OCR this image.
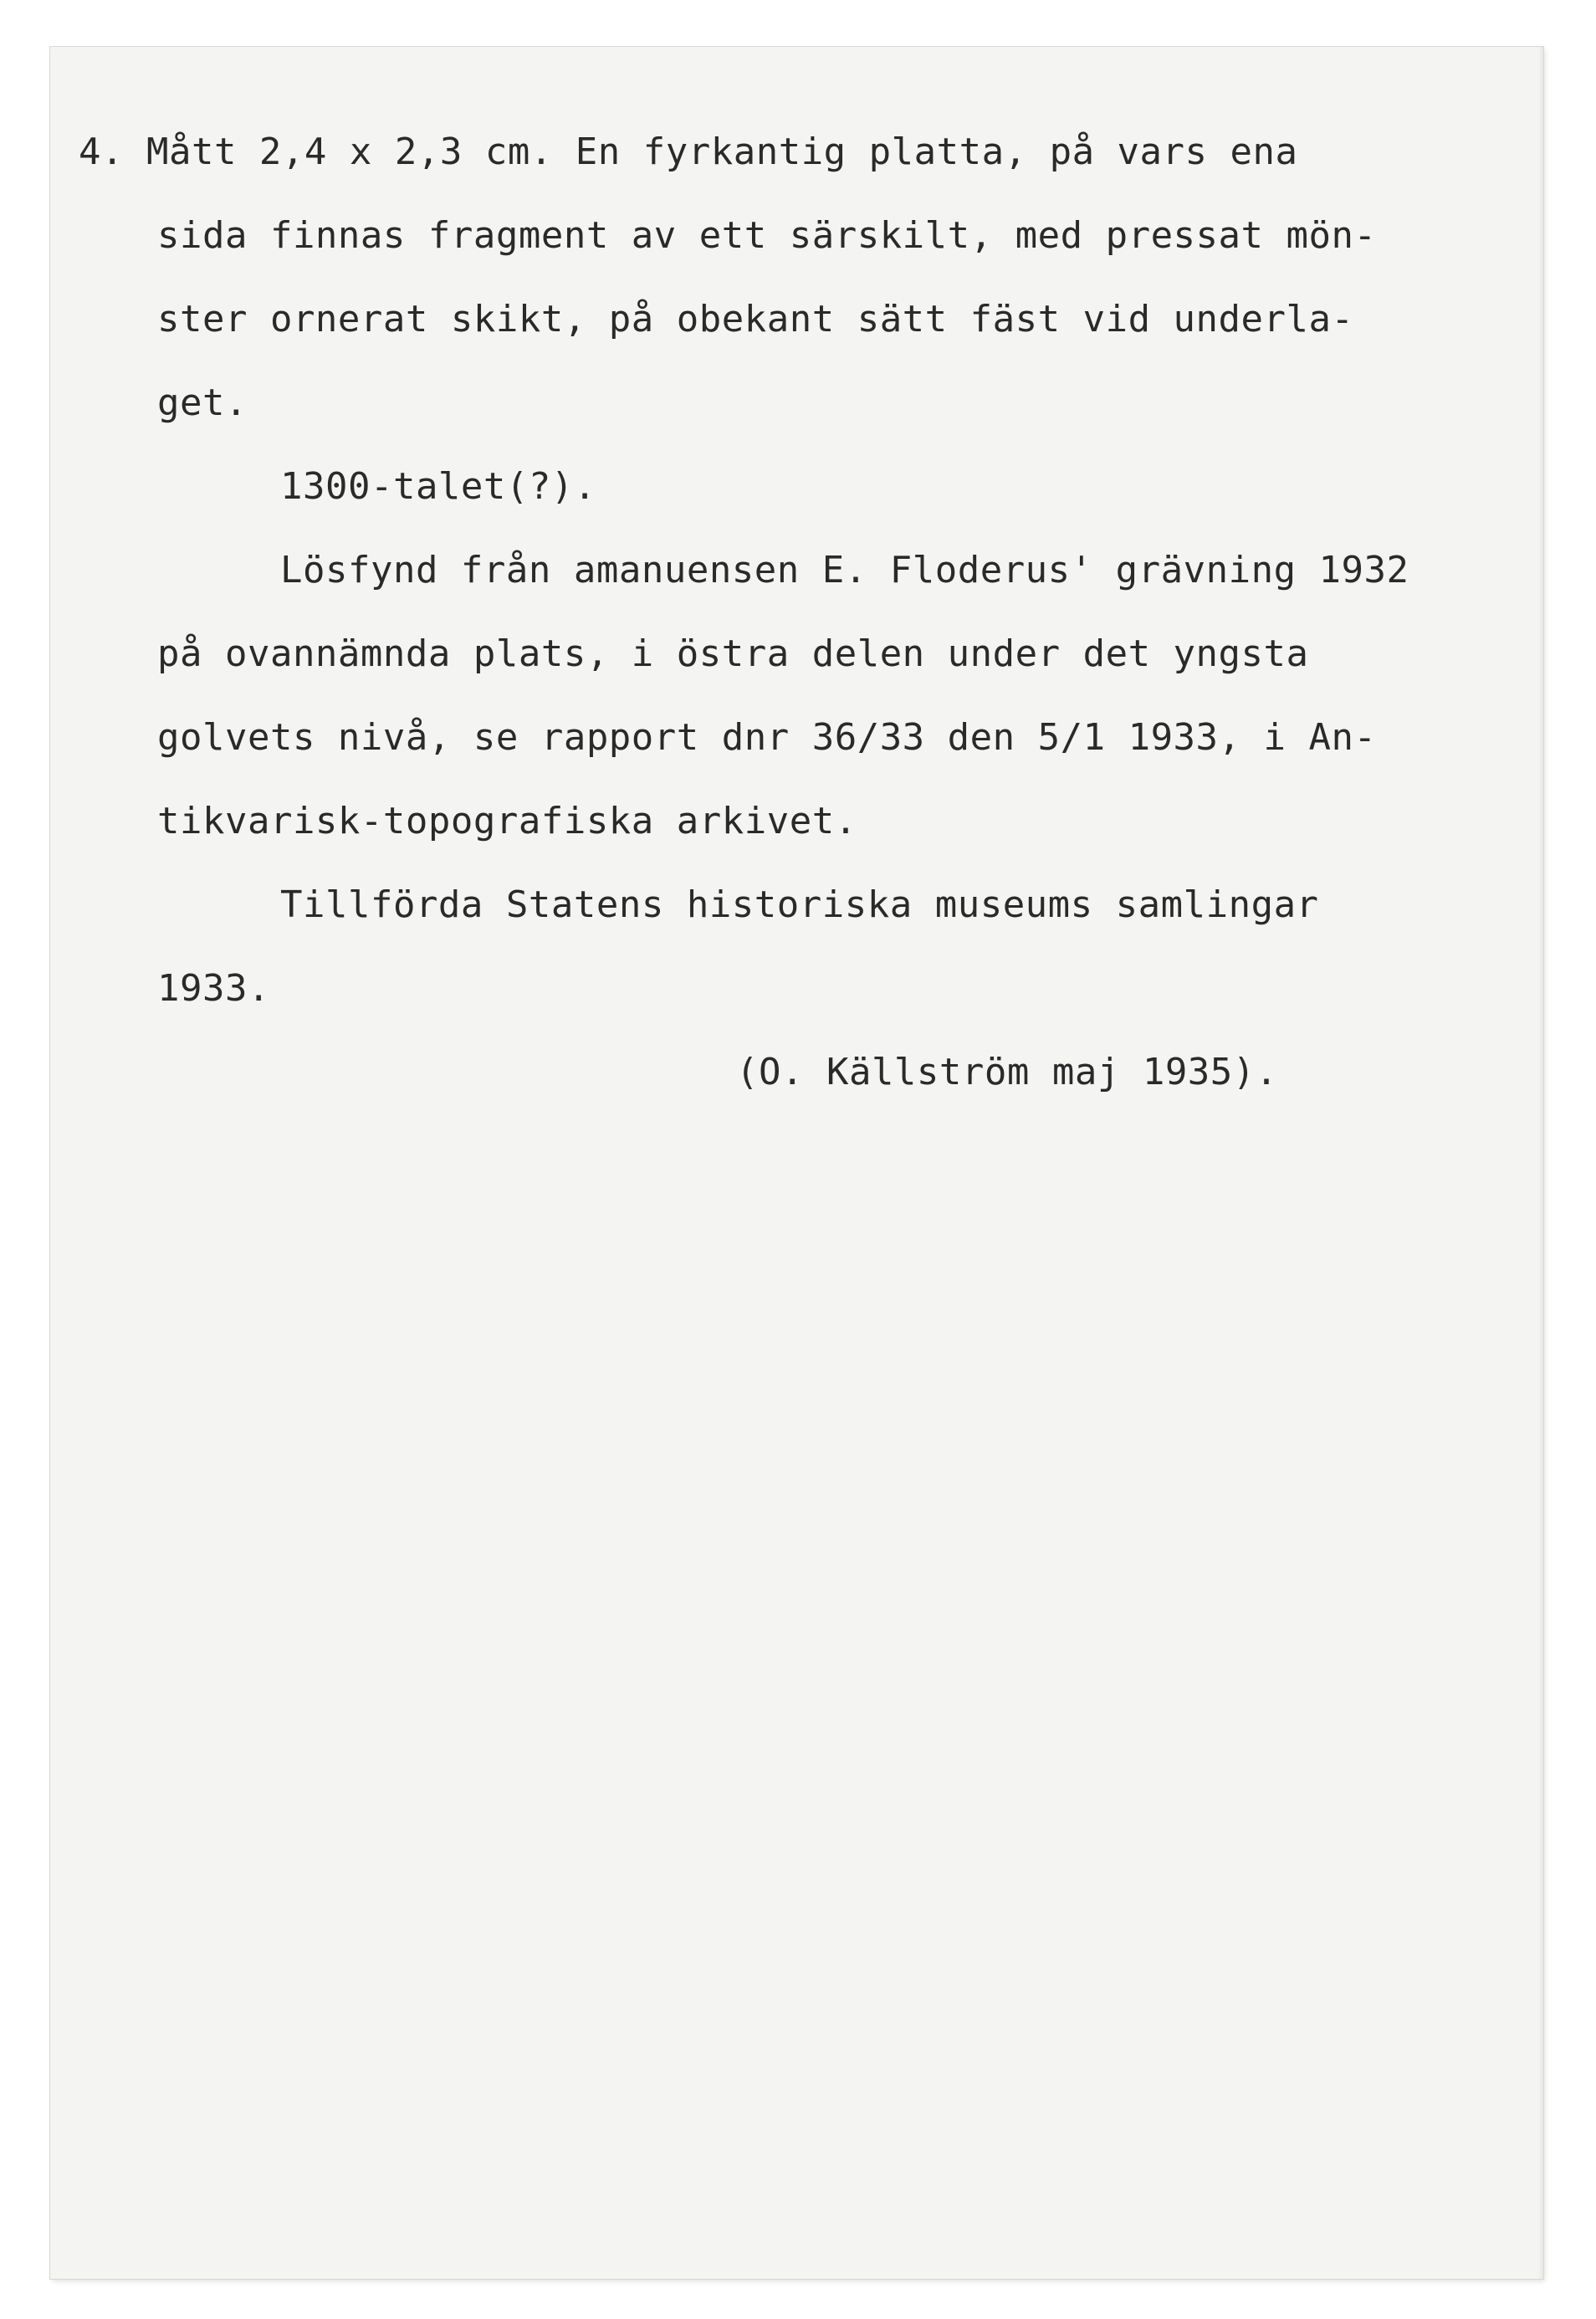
4. Mått 2,4 x 2,3 cm. En fyrkantig platta, på vars ena
sida finnas fragment av ett särskilt, med pressat mön-
ster ornerat skikt, på obekant sätt fäst vid underla-
get.
1300-talet(?).
Lösfynd från amanuensen E. Floderus' grävning 1932
på ovannämnda plats, i östra delen under det yngsta
golvets nivå, se rapport dnr 36/33 den 5/1 1933, i An-
tikvarisk-topografiska arkivet.
Tillförda Statens historiska museums samlingar
1933.
(O. Källström maj 1935).
